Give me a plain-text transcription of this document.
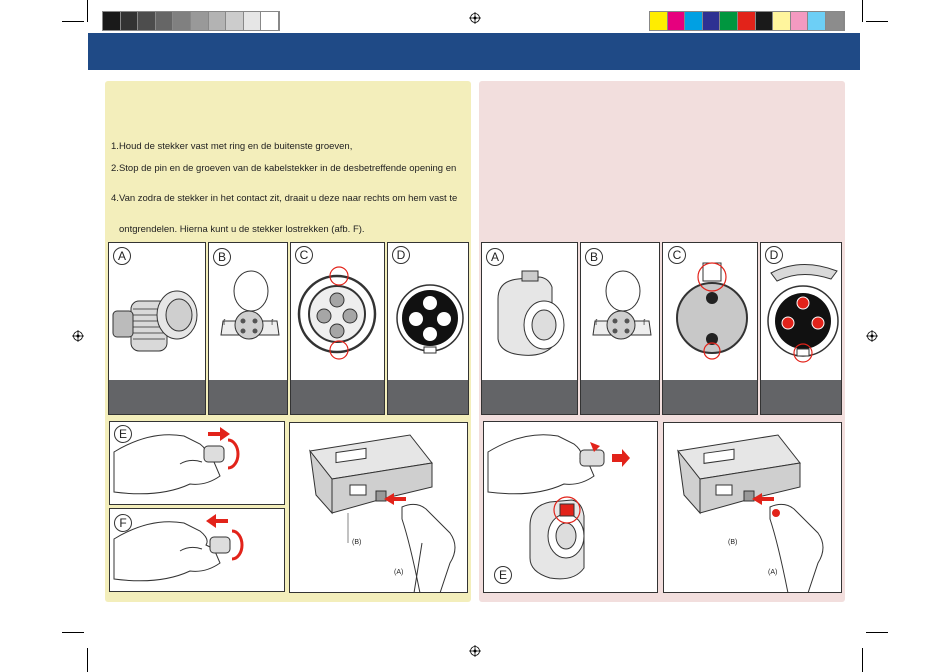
1.Houd de stekker vast met ring en de buitenste groeven,
2.Stop de pin en de groeven van de kabelstekker in de desbetreffende opening en
4.Van zodra de stekker in het contact zit, draait u deze naar rechts om hem vast te
ontgrendelen. Hierna kunt u de stekker lostrekken (afb. F).
A
f	f
B	C	D
E
F
(B)
(A)
A
f	f
B	C	D
E
(B)
(A)
